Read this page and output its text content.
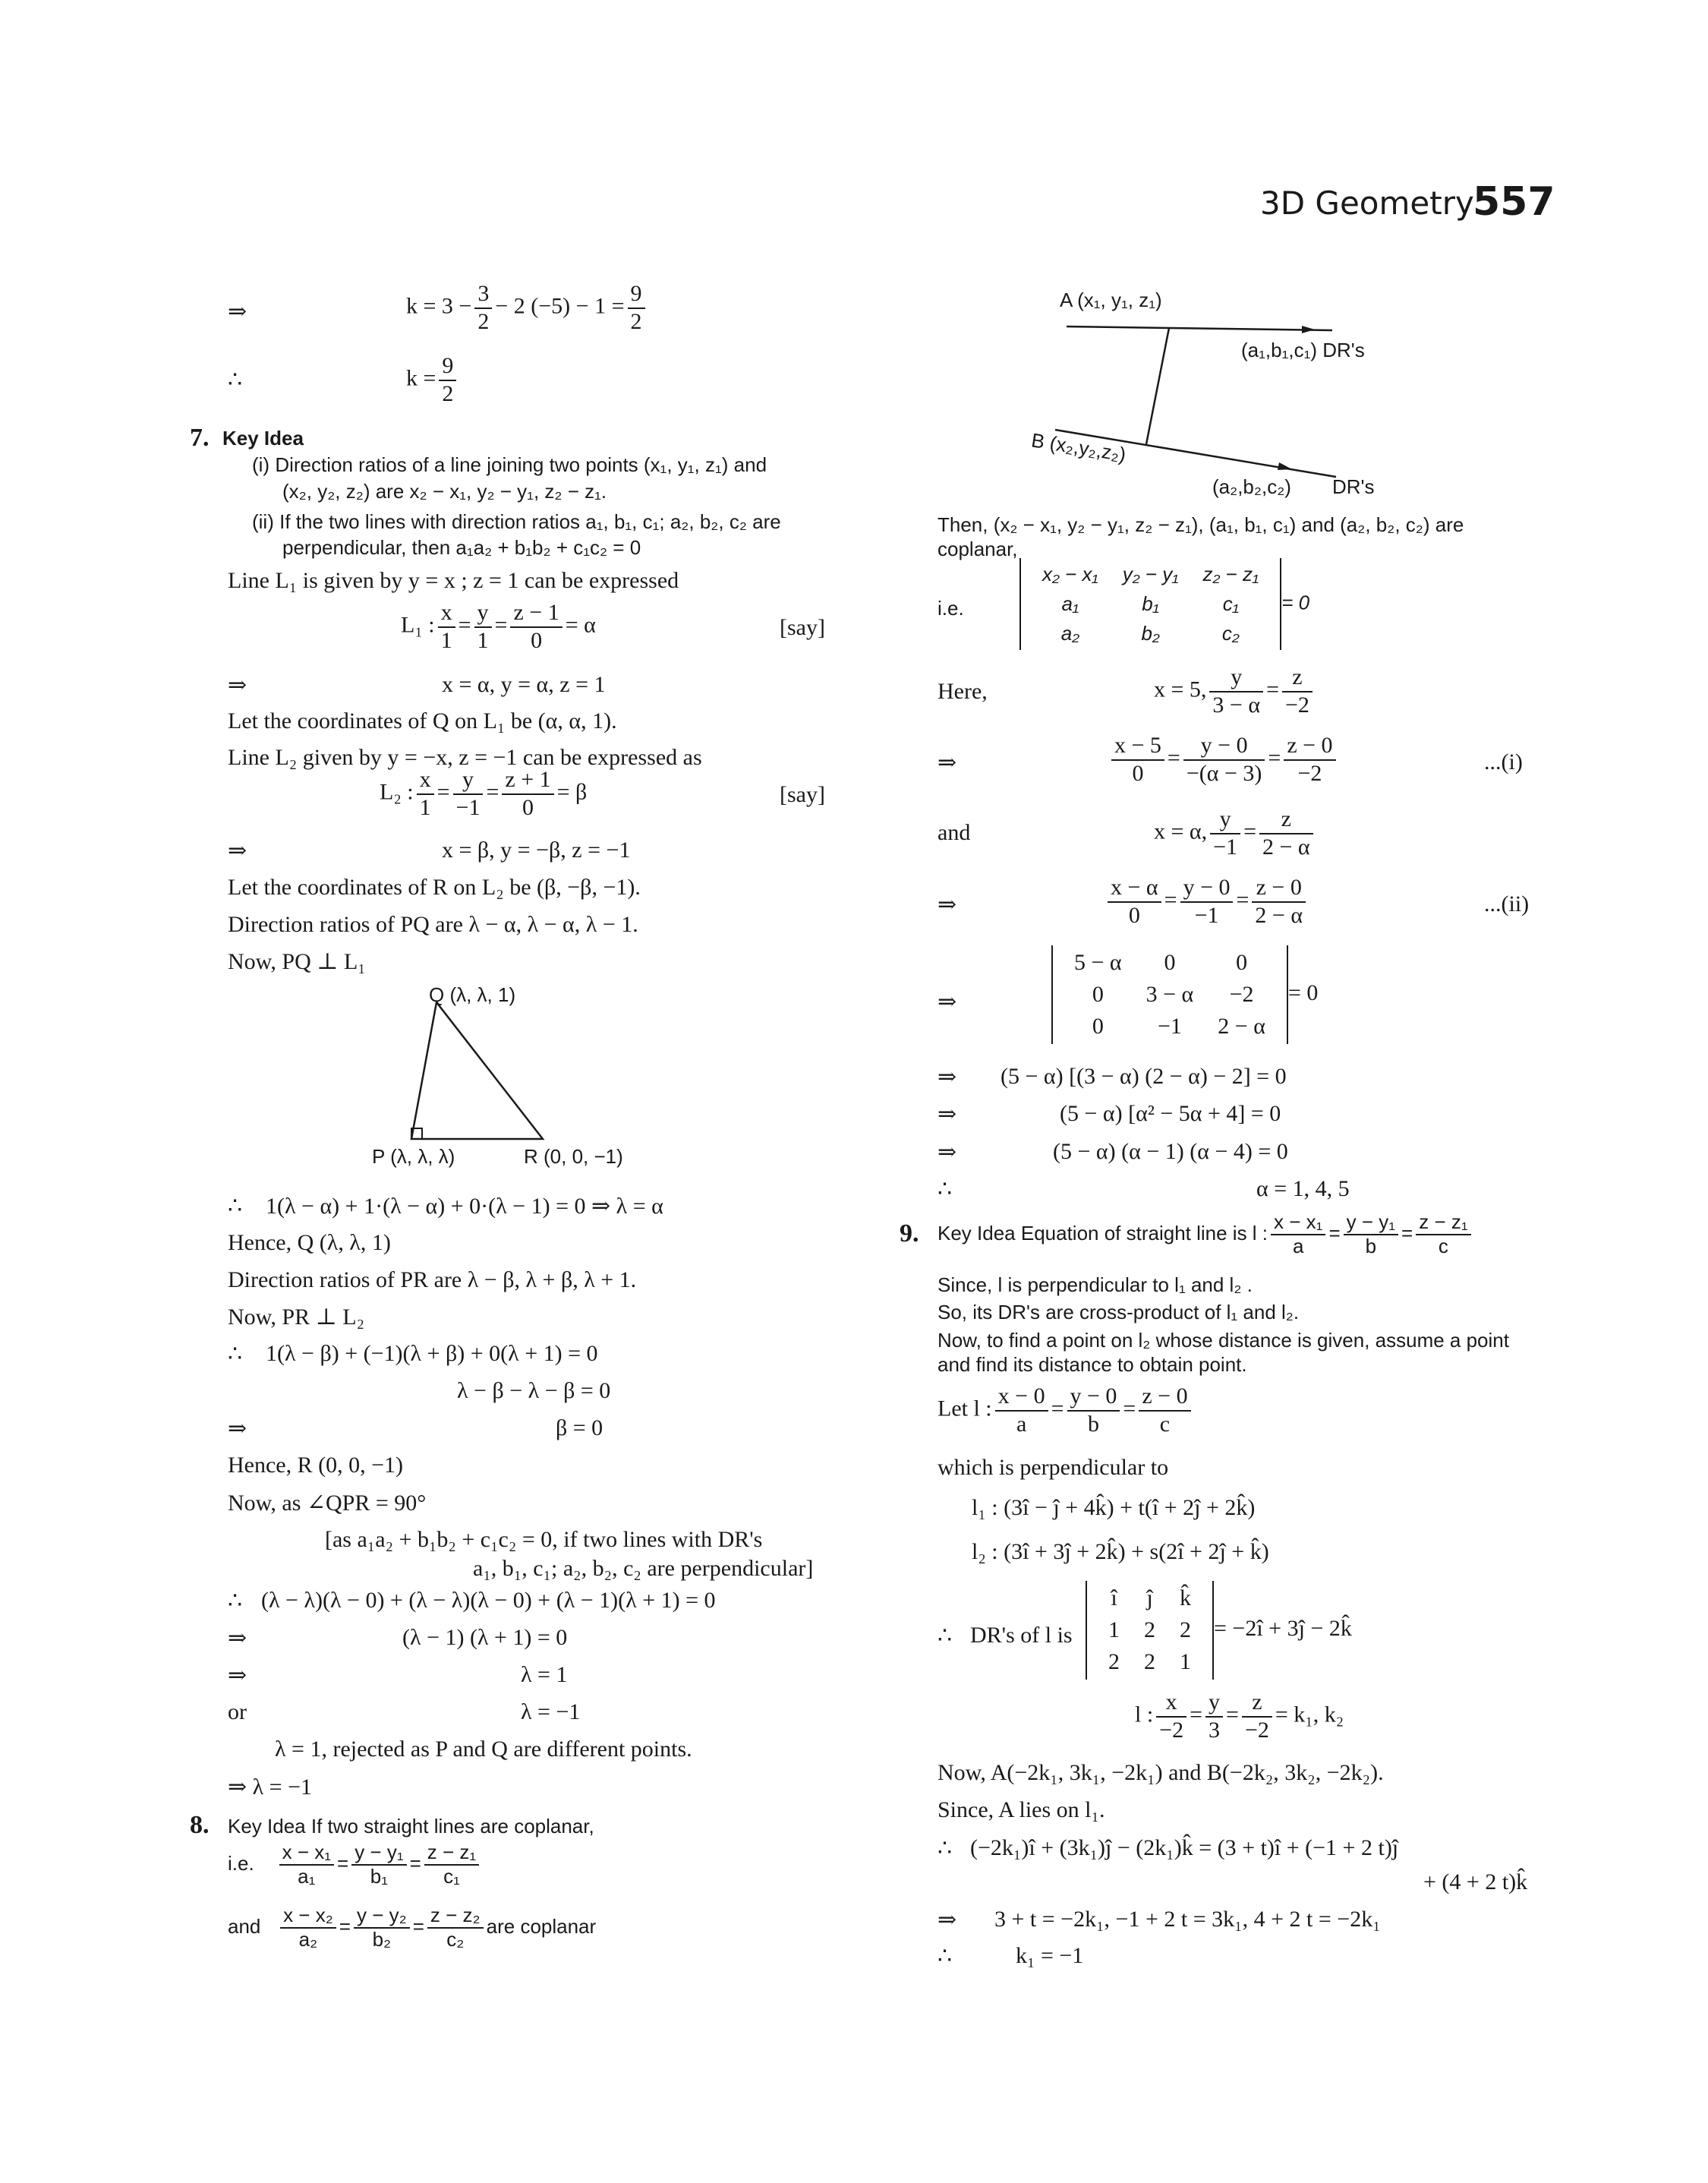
3D Geometry
557
⇒	$k = 3 - \frac{3}{2} - 2$ $(-5) - 1 = \frac{9}{2}$
∴	$k = \frac{9}{2}$
7. Key Idea
(i) Direction ratios of a line joining two points (x₁, y₁, z₁) and
(x₂, y₂, z₂) are x₂ − x₁, y₂ − y₁, z₂ − z₁.
(ii) If the two lines with direction ratios a₁, b₁, c₁; a₂, b₂, c₂ are
perpendicular, then a₁a₂ + b₁b₂ + c₁c₂ = 0
Line L₁ is given by y = x ; z = 1 can be expressed
L₁ : $\frac{x}{1} = \frac{y}{1} = \frac{z - 1}{0} = \alpha$	[say]
⇒	x = α, y = α, z = 1
Let the coordinates of Q on L₁ be (α, α, 1).
Line L₂ given by y = −x, z = −1 can be expressed as
L₂ : $\frac{x}{1} = \frac{y}{-1} = \frac{z + 1}{0} = \beta$	[say]
⇒	x = β, y = −β, z = −1
Let the coordinates of R on L₂ be (β, −β, −1).
Direction ratios of PQ are λ − α, λ − α, λ − 1.
Now, PQ ⊥ L₁
Q (λ, λ, 1)
P (λ, λ, λ)	R (0, 0, −1)
∴ 1(λ − α) + 1·(λ − α) + 0·(λ − 1) = 0 ⇒ λ = α
Hence, Q (λ, λ, 1)
Direction ratios of PR are λ − β, λ + β, λ + 1.
Now, PR ⊥ L₂
∴ 1(λ − β) + (−1)(λ + β) + 0(λ + 1) = 0
λ − β − λ − β = 0
⇒	β = 0
Hence, R (0, 0, −1)
Now, as ∠QPR = 90°
[as a₁a₂ + b₁b₂ + c₁c₂ = 0, if two lines with DR's
a₁, b₁, c₁; a₂, b₂, c₂ are perpendicular]
∴ (λ − λ)(λ − 0) + (λ − λ)(λ − 0) + (λ − 1)(λ + 1) = 0
⇒	(λ − 1) (λ + 1) = 0
⇒	λ = 1
or	λ = −1
λ = 1, rejected as P and Q are different points.
⇒ λ = −1
8. Key Idea If two straight lines are coplanar,
i.e. $\frac{\text{x − x₁}}{\text{a₁}} = \frac{\text{y − y₁}}{\text{b₁}} = \frac{\text{z − z₁}}{\text{c₁}}$
and $\frac{\text{x − x₂}}{\text{a₂}} = \frac{\text{y − y₂}}{\text{b₂}} = \frac{\text{z − z₂}}{\text{c₂}}$ are coplanar
A (x₁, y₁, z₁)
(a₁,b₁,c₁) DR's
B (x₂,y₂,z₂)
(a₂,b₂,c₂) DR's
Then, (x₂ − x₁, y₂ − y₁, z₂ − z₁), (a₁, b₁, c₁) and (a₂, b₂, c₂) are
coplanar,
i.e.
x₂ − x₁	y₂ − y₁	z₂ − z₁
a₁	b₁	c₁
a₂	b₂	c₂
= 0
Here,	x = 5, $\frac{y}{3 - \alpha} = \frac{z}{-2}$
⇒	$\frac{x - 5}{0} = \frac{y - 0}{-(\alpha - 3)} = \frac{z - 0}{-2}$	...(i)
and	x = α, $\frac{y}{-1} = \frac{z}{2 - \alpha}$
⇒	$\frac{x - \alpha}{0} = \frac{y - 0}{-1} = \frac{z - 0}{2 - \alpha}$	...(ii)
⇒
5 − α	0	0
0	3 − α	−2
0	−1	2 − α
= 0
⇒ (5 − α) [(3 − α) (2 − α) − 2] = 0
⇒	(5 − α) [α² − 5α + 4] = 0
⇒	(5 − α) (α − 1) (α − 4) = 0
∴	α = 1, 4, 5
9. Key Idea Equation of straight line is l : $\frac{\text{x − x₁}}{a} = \frac{\text{y − y₁}}{b} = \frac{\text{z − z₁}}{c}$
Since, l is perpendicular to l₁ and l₂ .
So, its DR's are cross-product of l₁ and l₂.
Now, to find a point on l₂ whose distance is given, assume a point
and find its distance to obtain point.
Let l : $\frac{x - 0}{a} = \frac{y - 0}{b} = \frac{z - 0}{c}$
which is perpendicular to
l₁ : (3î − ĵ + 4k̂) + t(î + 2ĵ + 2k̂)
l₂ : (3î + 3ĵ + 2k̂) + s(2î + 2ĵ + k̂)
∴ DR's of l is
î	ĵ	k̂
1	2	2
2	2	1
= −2î + 3ĵ − 2k̂
l : $\frac{x}{-2} = \frac{y}{3} = \frac{z}{-2} = k_1$, k₂
Now, A(−2k₁, 3k₁, −2k₁) and B(−2k₂, 3k₂, −2k₂).
Since, A lies on l₁.
∴ (−2k₁)î + (3k₁)ĵ − (2k₁)k̂ = (3 + t)î + (−1 + 2 t)ĵ
+ (4 + 2 t)k̂
⇒ 3 + t = −2k₁, −1 + 2 t = 3k₁, 4 + 2 t = −2k₁
∴	k₁ = −1
